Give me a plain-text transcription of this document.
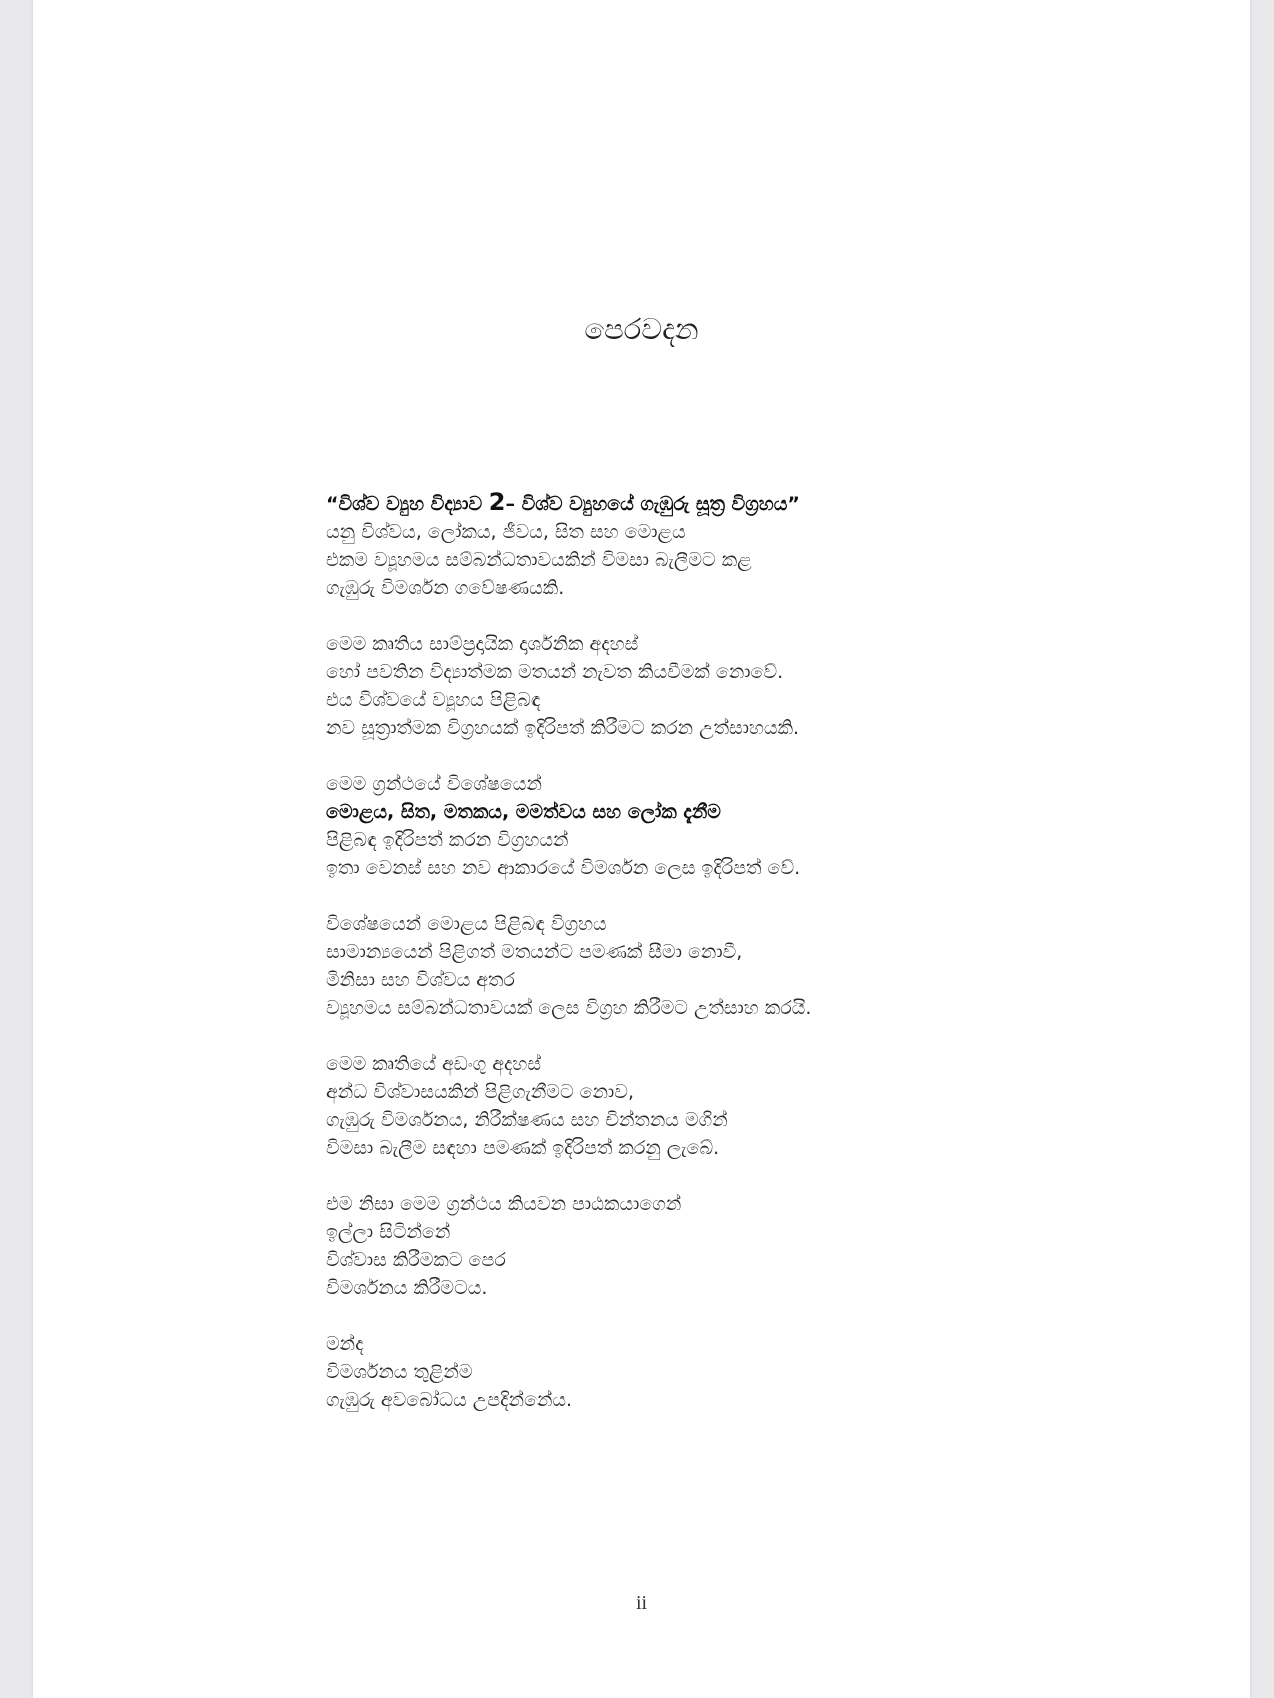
පෙරවදන

“විශ්ව ව්‍යුහ විද්‍යාව 2– විශ්ව ව්‍යුහයේ ගැඹුරු සූත්‍ර විග්‍රහය”
යනු විශ්වය, ලෝකය, ජීවය, සිත සහ මොළය
එකම ව්‍යූහමය සම්බන්ධතාවයකින් විමසා බැලීමට කළ
ගැඹුරු විමර්ශන ගවේෂණයකි.

මෙම කෘතිය සාම්ප්‍රදායික දාර්ශනික අදහස්
හෝ පවතින විද්‍යාත්මක මතයන් නැවත කියවීමක් නොවේ.
එය විශ්වයේ ව්‍යූහය පිළිබඳ
නව සූත්‍රාත්මක විග්‍රහයක් ඉදිරිපත් කිරීමට කරන උත්සාහයකි.

මෙම ග්‍රන්ථයේ විශේෂයෙන්
මොළය, සිත, මතකය, මමත්වය සහ ලෝක දැනීම
පිළිබඳ ඉදිරිපත් කරන විග්‍රහයන්
ඉතා වෙනස් සහ නව ආකාරයේ විමර්ශන ලෙස ඉදිරිපත් වේ.

විශේෂයෙන් මොළය පිළිබඳ විග්‍රහය
සාමාන්‍යයෙන් පිළිගත් මතයන්ට පමණක් සීමා නොවී,
මිනිසා සහ විශ්වය අතර
ව්‍යූහමය සම්බන්ධතාවයක් ලෙස විග්‍රහ කිරීමට උත්සාහ කරයි.

මෙම කෘතියේ අඩංගු අදහස්
අන්ධ විශ්වාසයකින් පිළිගැනීමට නොව,
ගැඹුරු විමර්ශනය, නිරීක්ෂණය සහ චින්තනය මගින්
විමසා බැලීම සඳහා පමණක් ඉදිරිපත් කරනු ලැබේ.

එම නිසා මෙම ග්‍රන්ථය කියවන පාඨකයාගෙන්
ඉල්ලා සිටින්නේ
විශ්වාස කිරීමකට පෙර
විමර්ශනය කිරීමටය.

මන්ද
විමර්ශනය තුළින්ම
ගැඹුරු අවබෝධය උපදින්නේය.

ii
